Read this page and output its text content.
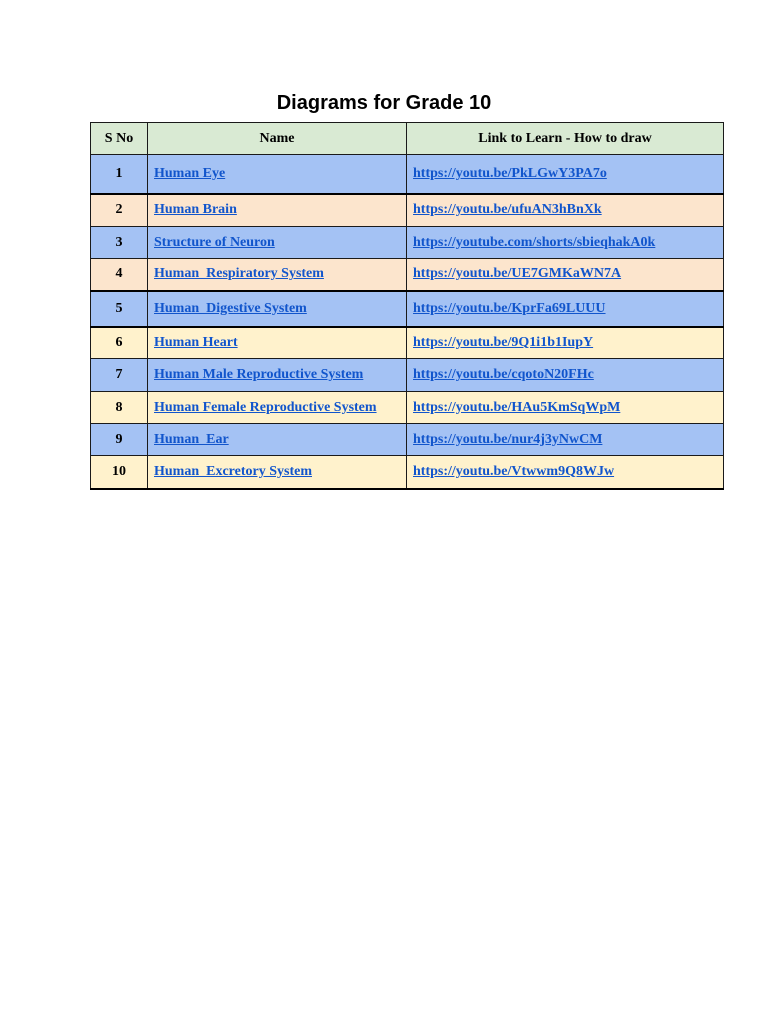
Diagrams for Grade 10
S No	Name	Link to Learn - How to draw
1	Human Eye	https://youtu.be/PkLGwY3PA7o
2	Human Brain	https://youtu.be/ufuAN3hBnXk
3	Structure of Neuron	https://youtube.com/shorts/sbieqhakA0k
4	Human  Respiratory System	https://youtu.be/UE7GMKaWN7A
5	Human  Digestive System	https://youtu.be/KprFa69LUUU
6	Human Heart	https://youtu.be/9Q1i1b1IupY
7	Human Male Reproductive System	https://youtu.be/cqotoN20FHc
8	Human Female Reproductive System	https://youtu.be/HAu5KmSqWpM
9	Human  Ear	https://youtu.be/nur4j3yNwCM
10	Human  Excretory System	https://youtu.be/Vtwwm9Q8WJw
